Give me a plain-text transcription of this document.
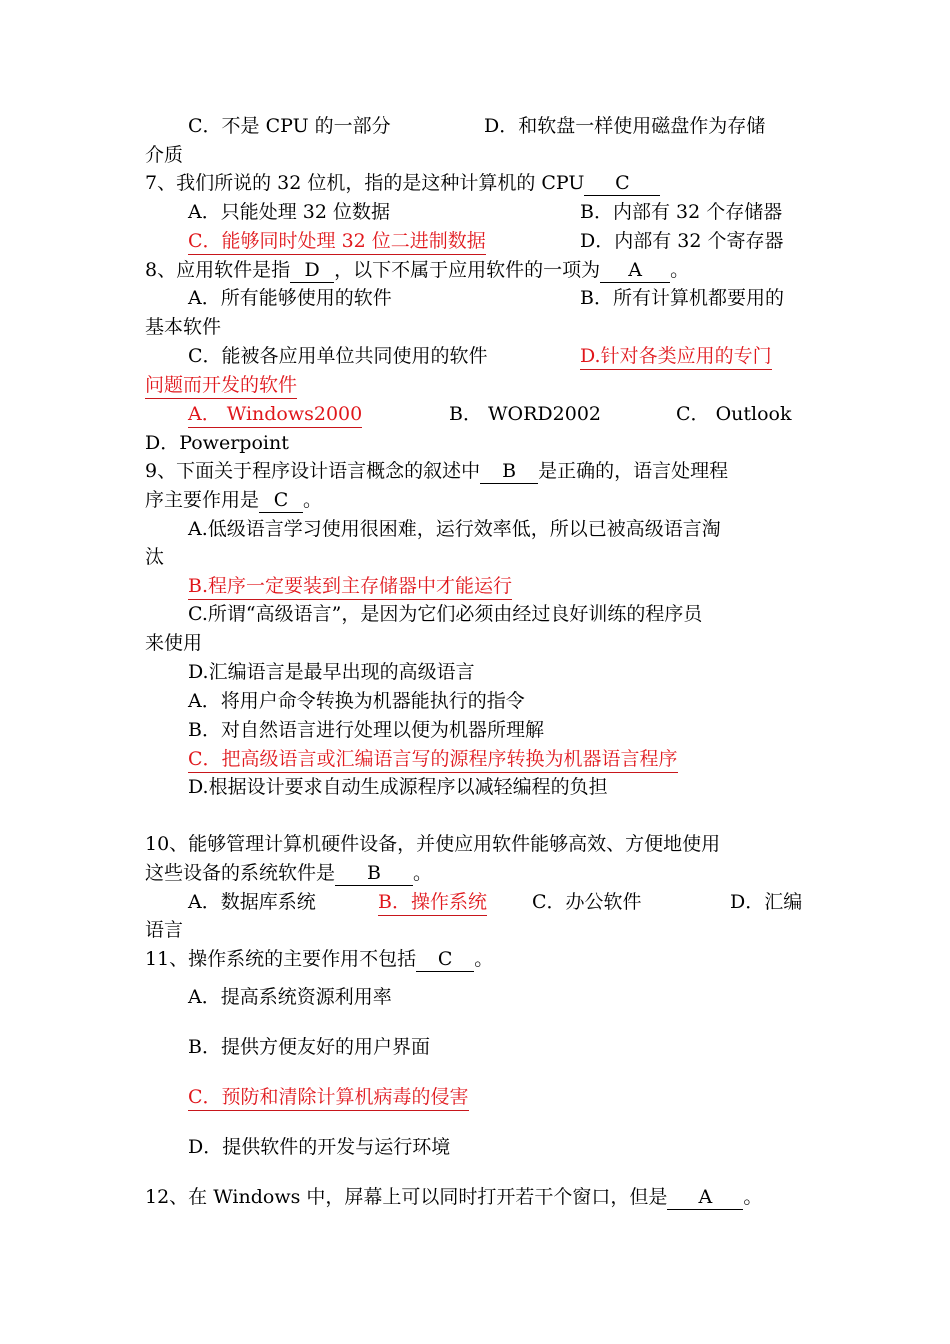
C．不是 CPU 的一部分	D．和软盘一样使用磁盘作为存储
介质
7、我们所说的 32 位机，指的是这种计算机的 CPU C
A．只能处理 32 位数据	B．内部有 32 个存储器
C．能够同时处理 32 位二进制数据	D．内部有 32 个寄存器
8、应用软件是指 D ，以下不属于应用软件的一项为 A 。
A．所有能够使用的软件	B．所有计算机都要用的
基本软件
C．能被各应用单位共同使用的软件	D.针对各类应用的专门
问题而开发的软件
A． Windows2000	B． WORD2002	C． Outlook
D．Powerpoint
9、下面关于程序设计语言概念的叙述中 B 是正确的，语言处理程
序主要作用是 C 。
A.低级语言学习使用很困难，运行效率低，所以已被高级语言淘
汰
B.程序一定要装到主存储器中才能运行
C.所谓“高级语言”，是因为它们必须由经过良好训练的程序员
来使用
D.汇编语言是最早出现的高级语言
A．将用户命令转换为机器能执行的指令
B．对自然语言进行处理以便为机器所理解
C．把高级语言或汇编语言写的源程序转换为机器语言程序
D.根据设计要求自动生成源程序以减轻编程的负担
10、能够管理计算机硬件设备，并使应用软件能够高效、方便地使用
这些设备的系统软件是 B 。
A．数据库系统	B．操作系统 C．办公软件	D．汇编
语言
11、操作系统的主要作用不包括 C 。
A．提高系统资源利用率
B．提供方便友好的用户界面
C．预防和清除计算机病毒的侵害
D．提供软件的开发与运行环境
12、在 Windows 中，屏幕上可以同时打开若干个窗口，但是 A 。
